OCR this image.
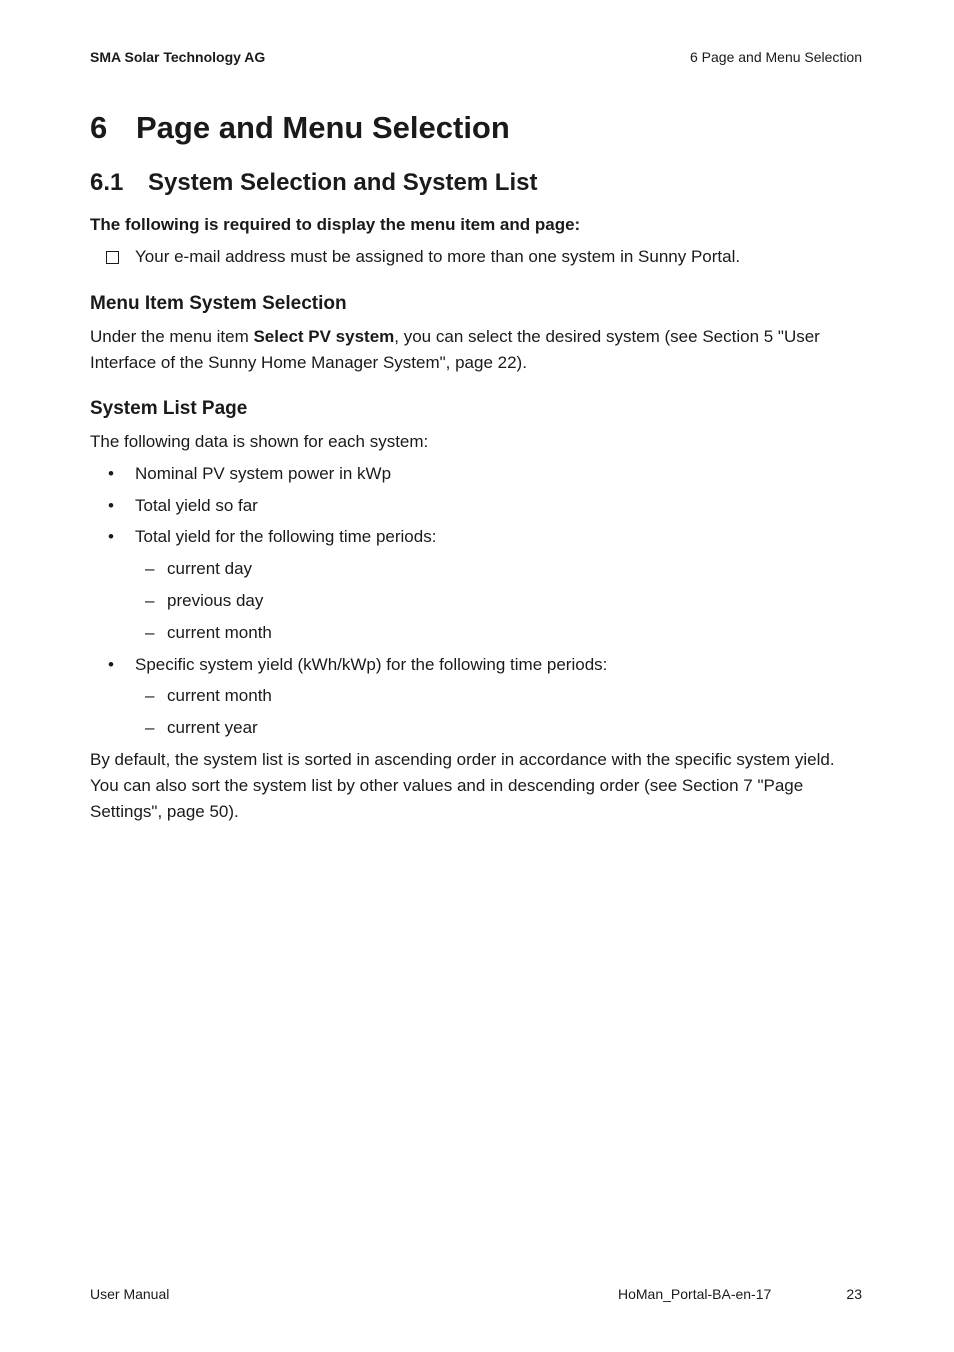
SMA Solar Technology AG	6 Page and Menu Selection
6 Page and Menu Selection
6.1 System Selection and System List
The following is required to display the menu item and page:
Your e-mail address must be assigned to more than one system in Sunny Portal.
Menu Item System Selection

Under the menu item Select PV system, you can select the desired system (see Section 5 "User
Interface of the Sunny Home Manager System", page 22).

System List Page
The following data is shown for each system:
• Nominal PV system power in kWp
• Total yield so far
• Total yield for the following time periods:
– current day
– previous day
– current month
• Specific system yield (kWh/kWp) for the following time periods:
– current month
– current year

By default, the system list is sorted in ascending order in accordance with the specific system yield.
You can also sort the system list by other values and in descending order (see Section 7 "Page
Settings", page 50).

User Manual	HoMan_Portal-BA-en-17	23
